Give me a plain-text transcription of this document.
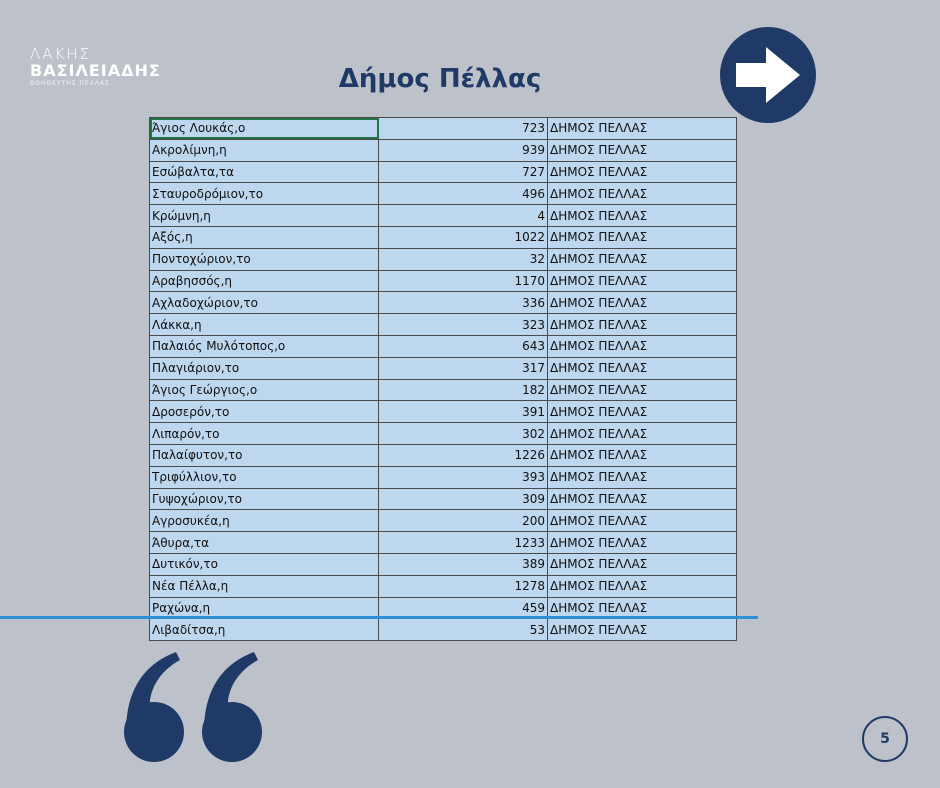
ΛΑΚΗΣ
ΒΑΣΙΛΕΙΑΔΗΣ
ΒΟΗΘΕΥΤΗΣ ΠΕΛΛΑΣ	Δήμος Πέλλας
Άγιος Λουκάς,ο	723	ΔΗΜΟΣ ΠΕΛΛΑΣ
Ακρολίμνη,η	939	ΔΗΜΟΣ ΠΕΛΛΑΣ
Εσώβαλτα,τα	727	ΔΗΜΟΣ ΠΕΛΛΑΣ
Σταυροδρόμιον,το	496	ΔΗΜΟΣ ΠΕΛΛΑΣ
Κρώμνη,η	4	ΔΗΜΟΣ ΠΕΛΛΑΣ
Αξός,η	1022	ΔΗΜΟΣ ΠΕΛΛΑΣ
Ποντοχώριον,το	32	ΔΗΜΟΣ ΠΕΛΛΑΣ
Αραβησσός,η	1170	ΔΗΜΟΣ ΠΕΛΛΑΣ
Αχλαδοχώριον,το	336	ΔΗΜΟΣ ΠΕΛΛΑΣ
Λάκκα,η	323	ΔΗΜΟΣ ΠΕΛΛΑΣ
Παλαιός Μυλότοπος,ο	643	ΔΗΜΟΣ ΠΕΛΛΑΣ
Πλαγιάριον,το	317	ΔΗΜΟΣ ΠΕΛΛΑΣ
Άγιος Γεώργιος,ο	182	ΔΗΜΟΣ ΠΕΛΛΑΣ
Δροσερόν,το	391	ΔΗΜΟΣ ΠΕΛΛΑΣ
Λιπαρόν,το	302	ΔΗΜΟΣ ΠΕΛΛΑΣ
Παλαίφυτον,το	1226	ΔΗΜΟΣ ΠΕΛΛΑΣ
Τριφύλλιον,το	393	ΔΗΜΟΣ ΠΕΛΛΑΣ
Γυψοχώριον,το	309	ΔΗΜΟΣ ΠΕΛΛΑΣ
Αγροσυκέα,η	200	ΔΗΜΟΣ ΠΕΛΛΑΣ
Άθυρα,τα	1233	ΔΗΜΟΣ ΠΕΛΛΑΣ
Δυτικόν,το	389	ΔΗΜΟΣ ΠΕΛΛΑΣ
Νέα Πέλλα,η	1278	ΔΗΜΟΣ ΠΕΛΛΑΣ
Ραχώνα,η	459	ΔΗΜΟΣ ΠΕΛΛΑΣ
Λιβαδίτσα,η	53	ΔΗΜΟΣ ΠΕΛΛΑΣ
5
